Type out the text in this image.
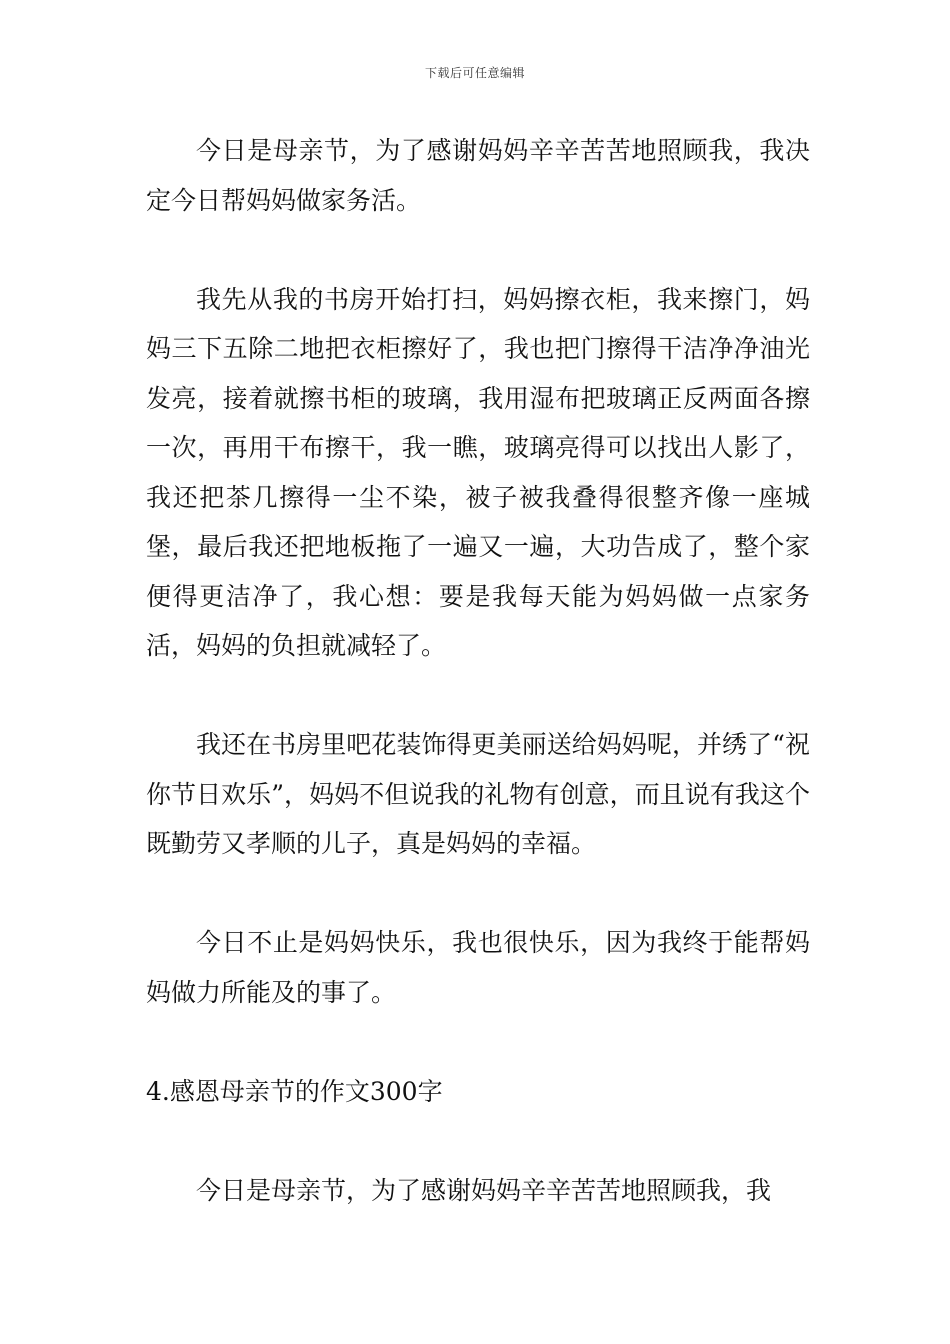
下载后可任意编辑

今日是母亲节，为了感谢妈妈辛辛苦苦地照顾我，我决定今日帮妈妈做家务活。

我先从我的书房开始打扫，妈妈擦衣柜，我来擦门，妈妈三下五除二地把衣柜擦好了，我也把门擦得干洁净净油光发亮，接着就擦书柜的玻璃，我用湿布把玻璃正反两面各擦一次，再用干布擦干，我一瞧，玻璃亮得可以找出人影了，我还把茶几擦得一尘不染，被子被我叠得很整齐像一座城堡，最后我还把地板拖了一遍又一遍，大功告成了，整个家便得更洁净了，我心想：要是我每天能为妈妈做一点家务活，妈妈的负担就减轻了。

我还在书房里吧花装饰得更美丽送给妈妈呢，并绣了“祝你节日欢乐”，妈妈不但说我的礼物有创意，而且说有我这个既勤劳又孝顺的儿子，真是妈妈的幸福。

今日不止是妈妈快乐，我也很快乐，因为我终于能帮妈妈做力所能及的事了。

4.感恩母亲节的作文300字

今日是母亲节，为了感谢妈妈辛辛苦苦地照顾我，我
